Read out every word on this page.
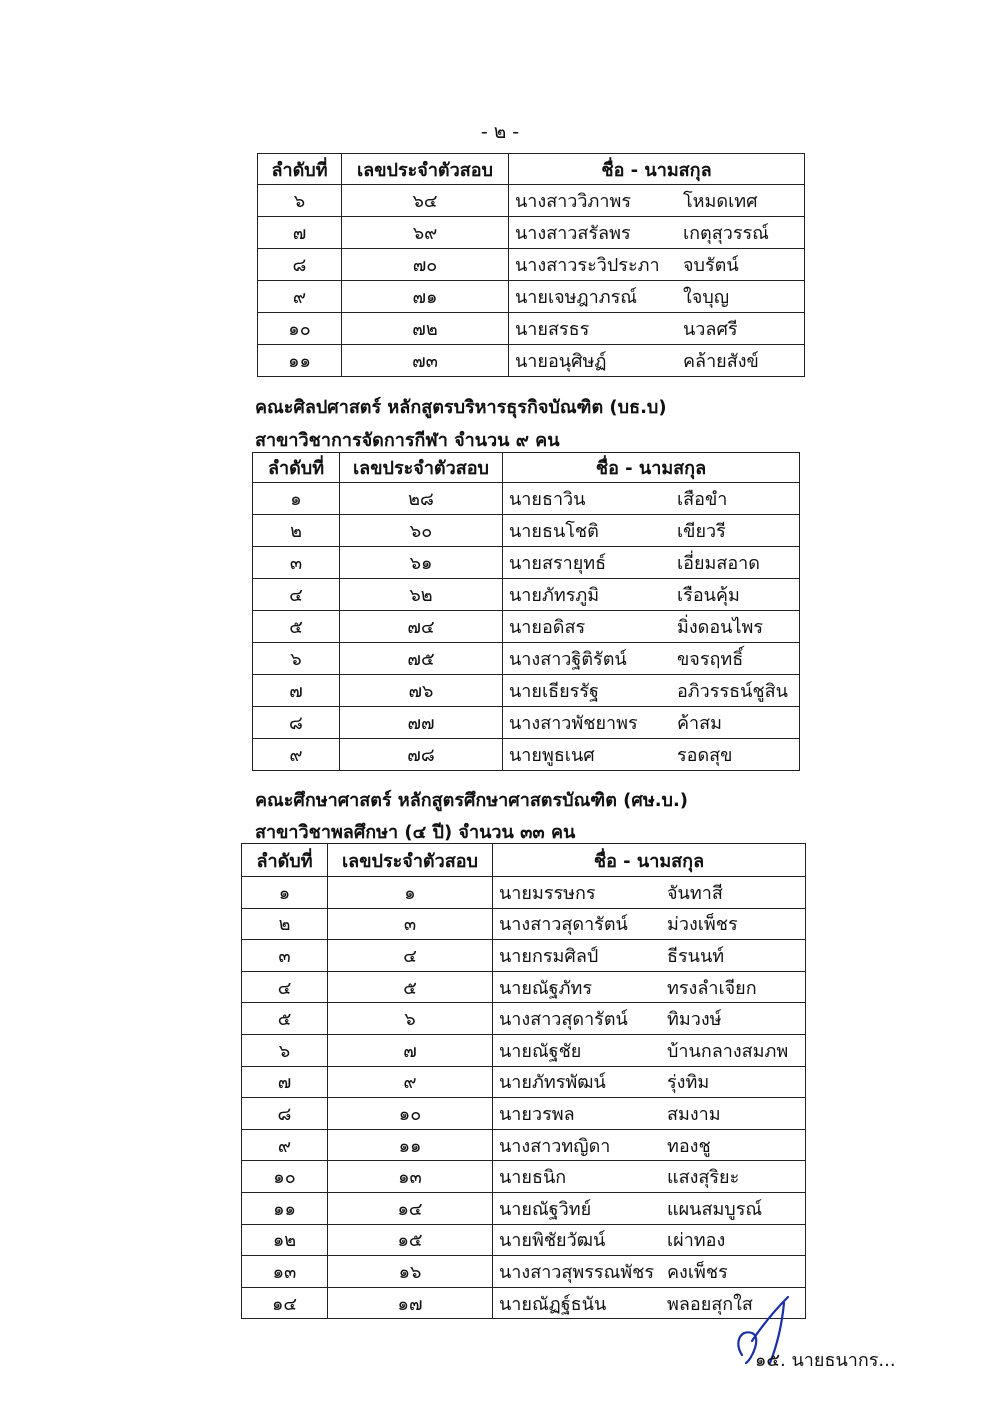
- ๒ -
ลำดับที่	เลขประจำตัวสอบ	ชื่อ - นามสกุล
๖	๖๔	นางสาววิภาพร โหมดเทศ
๗	๖๙	นางสาวสรัลพร เกตุสุวรรณ์
๘	๗๐	นางสาวระวิประภา จบรัตน์
๙	๗๑	นายเจษฎาภรณ์ ใจบุญ
๑๐	๗๒	นายสรธร นวลศรี
๑๑	๗๓	นายอนุศิษฏ์ คล้ายสังข์
คณะศิลปศาสตร์ หลักสูตรบริหารธุรกิจบัณฑิต (บธ.บ)
สาขาวิชาการจัดการกีฬา จำนวน ๙ คน
ลำดับที่	เลขประจำตัวสอบ	ชื่อ - นามสกุล
๑	๒๘	นายธาวิน เสือขำ
๒	๖๐	นายธนโชติ เขียวรี
๓	๖๑	นายสรายุทธ์ เอี่ยมสอาด
๔	๖๒	นายภัทรภูมิ เรือนคุ้ม
๕	๗๔	นายอดิสร มิ่งดอนไพร
๖	๗๕	นางสาวฐิติรัตน์ ขจรฤทธิ์
๗	๗๖	นายเธียรรัฐ อภิวรรธน์ชูสิน
๘	๗๗	นางสาวพัชยาพร ค้าสม
๙	๗๘	นายพูธเนศ รอดสุข
คณะศึกษาศาสตร์ หลักสูตรศึกษาศาสตรบัณฑิต (ศษ.บ.)
สาขาวิชาพลศึกษา (๔ ปี) จำนวน ๓๓ คน
ลำดับที่	เลขประจำตัวสอบ	ชื่อ - นามสกุล
๑	๑	นายมรรษกร จันทาสี
๒	๓	นางสาวสุดารัตน์ ม่วงเพ็ชร
๓	๔	นายกรมศิลป์ ธีรนนท์
๔	๕	นายณัฐภัทร ทรงลำเจียก
๕	๖	นางสาวสุดารัตน์ ทิมวงษ์
๖	๗	นายณัฐชัย บ้านกลางสมภพ
๗	๙	นายภัทรพัฒน์ รุ่งทิม
๘	๑๐	นายวรพล สมงาม
๙	๑๑	นางสาวทญิดา ทองชู
๑๐	๑๓	นายธนิก แสงสุริยะ
๑๑	๑๔	นายณัฐวิทย์ แผนสมบูรณ์
๑๒	๑๕	นายพิชัยวัฒน์ เผ่าทอง
๑๓	๑๖	นางสาวสุพรรณพัชร คงเพ็ชร
๑๔	๑๗	นายณัฏฐ์ธนัน พลอยสุกใส
๑๕. นายธนากร...
